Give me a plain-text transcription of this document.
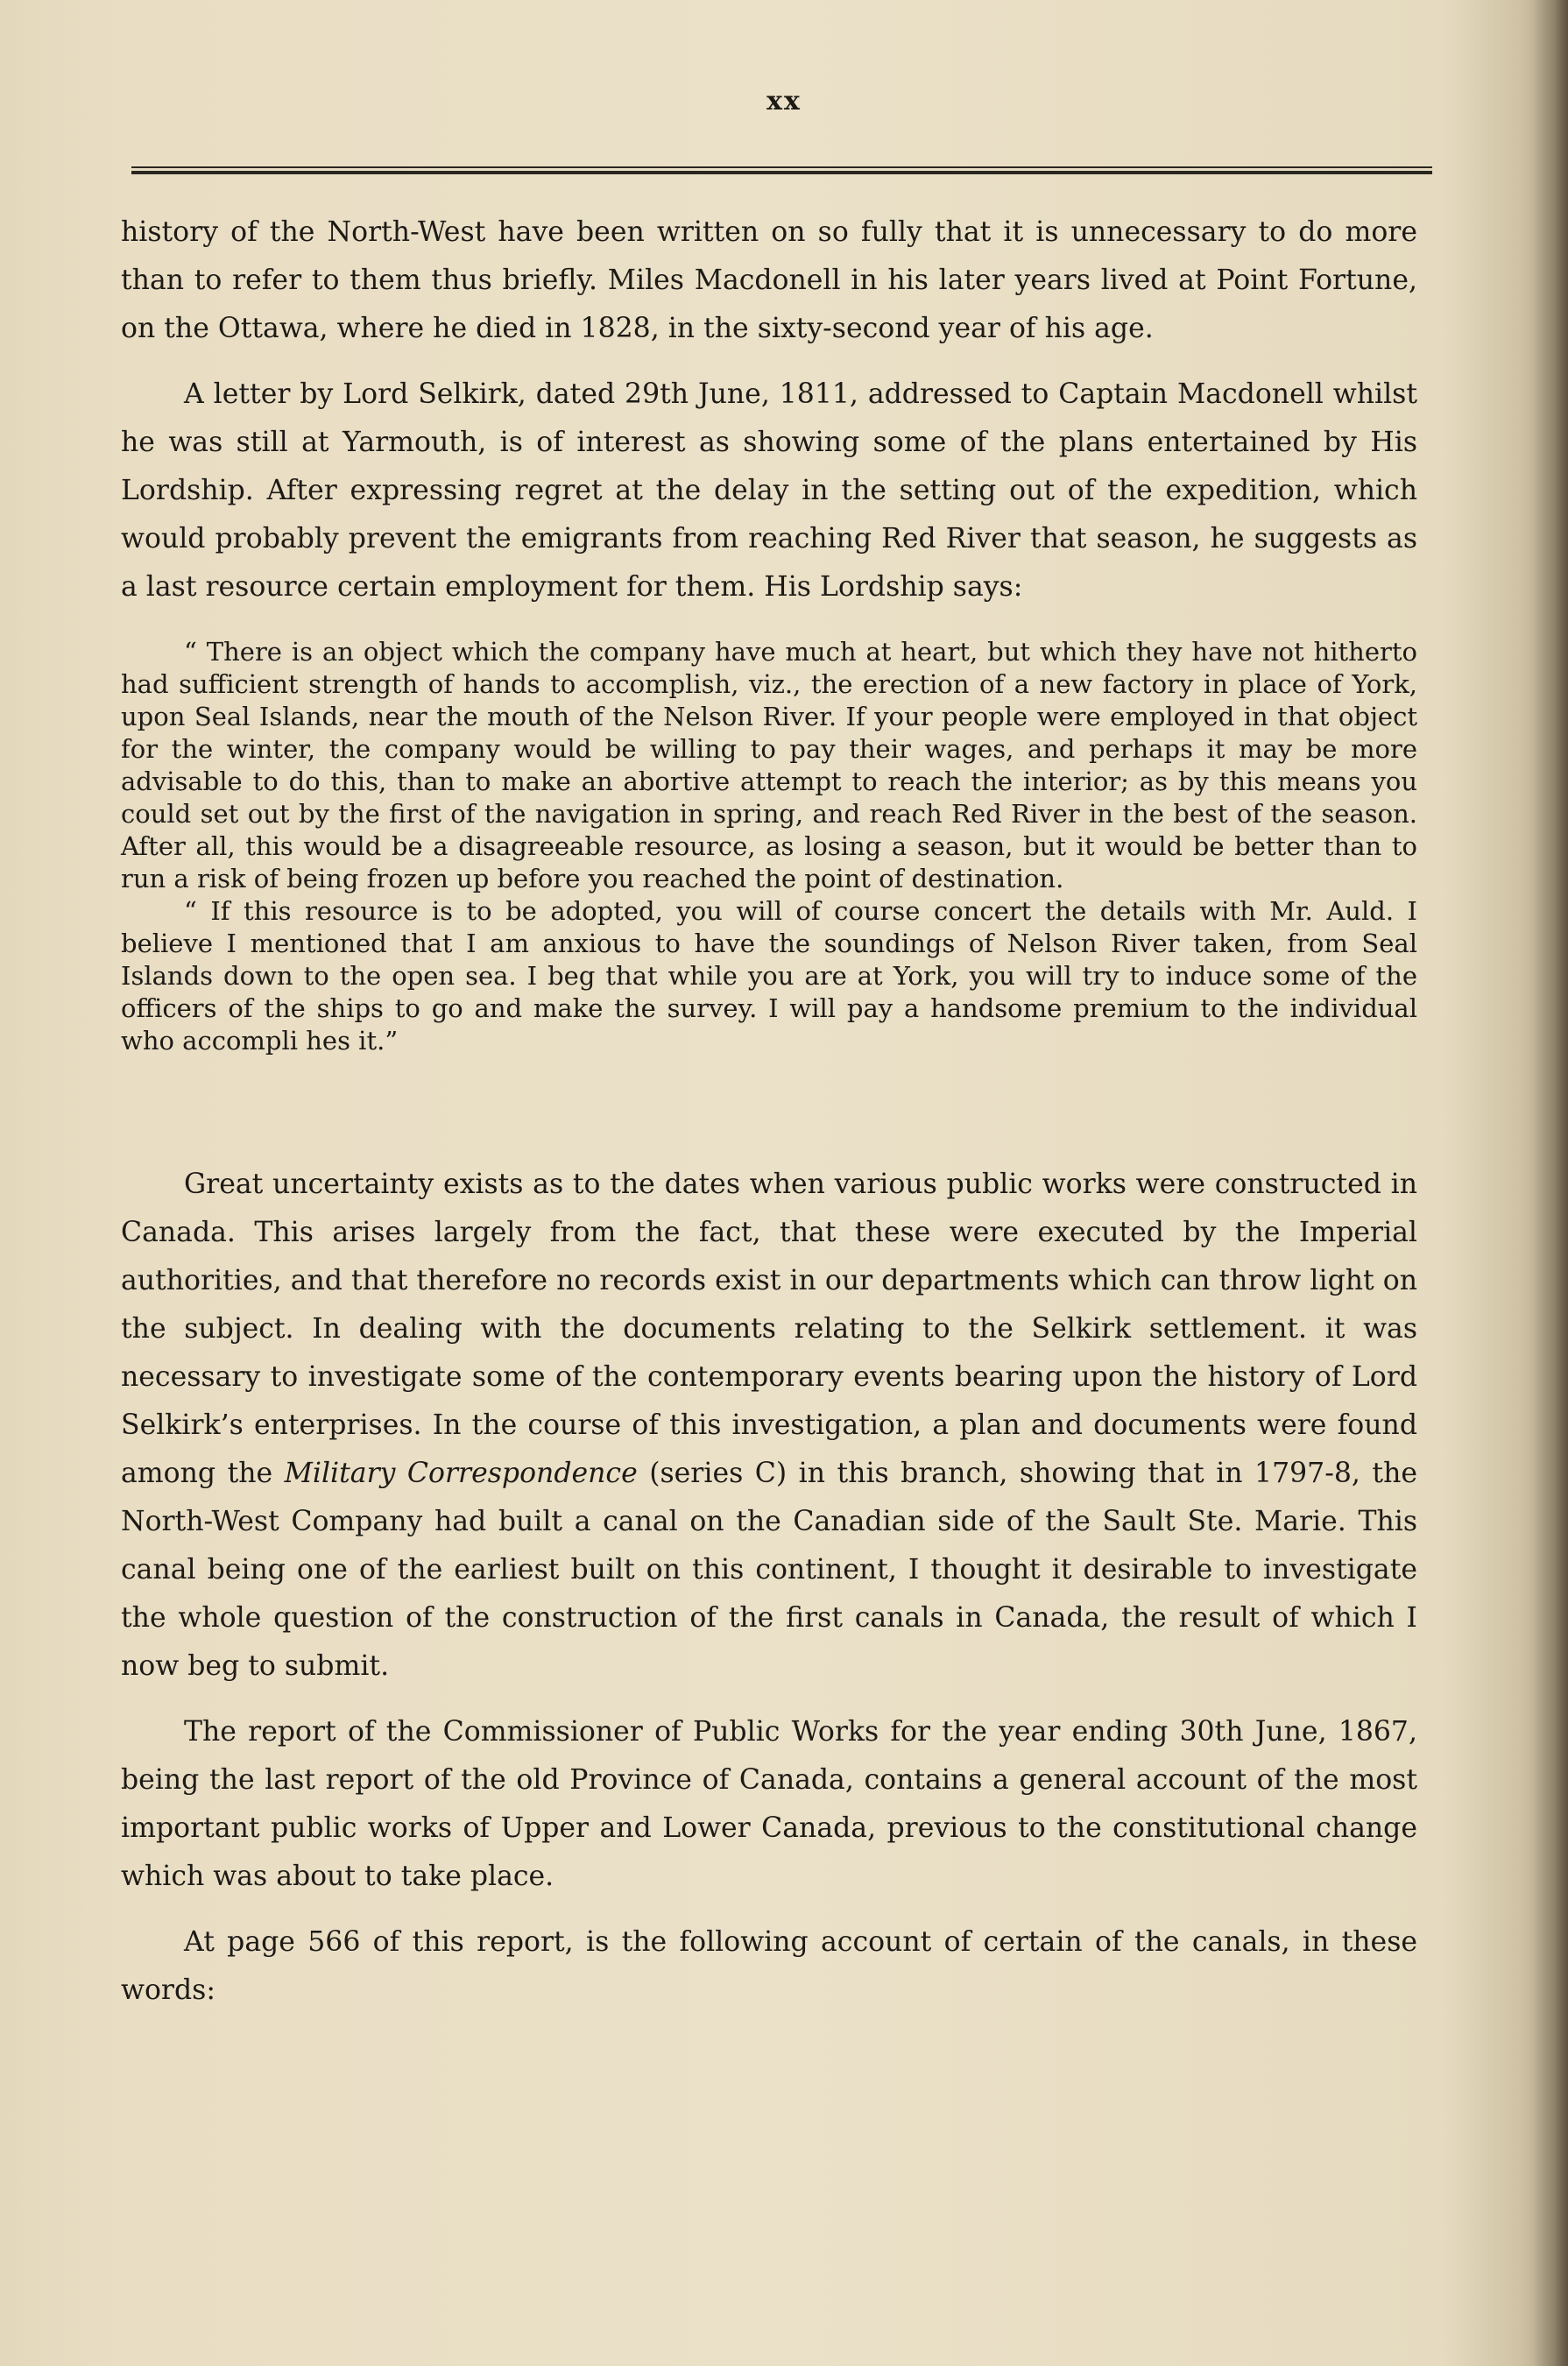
xx

history of the North-West have been written on so fully that it is unnecessary to do more than to refer to them thus briefly. Miles Macdonell in his later years lived at Point Fortune, on the Ottawa, where he died in 1828, in the sixty-second year of his age.

A letter by Lord Selkirk, dated 29th June, 1811, addressed to Captain Macdonell whilst he was still at Yarmouth, is of interest as showing some of the plans entertained by His Lordship. After expressing regret at the delay in the setting out of the expedition, which would probably prevent the emigrants from reaching Red River that season, he suggests as a last resource certain employment for them. His Lordship says:

“ There is an object which the company have much at heart, but which they have not hitherto had sufficient strength of hands to accomplish, viz., the erection of a new factory in place of York, upon Seal Islands, near the mouth of the Nelson River. If your people were employed in that object for the winter, the company would be willing to pay their wages, and perhaps it may be more advisable to do this, than to make an abortive attempt to reach the interior; as by this means you could set out by the first of the navigation in spring, and reach Red River in the best of the season. After all, this would be a disagreeable resource, as losing a season, but it would be better than to run a risk of being frozen up before you reached the point of destination.

“ If this resource is to be adopted, you will of course concert the details with Mr. Auld. I believe I mentioned that I am anxious to have the soundings of Nelson River taken, from Seal Islands down to the open sea. I beg that while you are at York, you will try to induce some of the officers of the ships to go and make the survey. I will pay a handsome premium to the individual who accompli hes it.”

Great uncertainty exists as to the dates when various public works were constructed in Canada. This arises largely from the fact, that these were executed by the Imperial authorities, and that therefore no records exist in our departments which can throw light on the subject. In dealing with the documents relating to the Selkirk settlement. it was necessary to investigate some of the contemporary events bearing upon the history of Lord Selkirk’s enterprises. In the course of this investigation, a plan and documents were found among the Military Correspondence (series C) in this branch, showing that in 1797-8, the North-West Company had built a canal on the Canadian side of the Sault Ste. Marie. This canal being one of the earliest built on this continent, I thought it desirable to investigate the whole question of the construction of the first canals in Canada, the result of which I now beg to submit.

The report of the Commissioner of Public Works for the year ending 30th June, 1867, being the last report of the old Province of Canada, contains a general account of the most important public works of Upper and Lower Canada, previous to the constitutional change which was about to take place.

At page 566 of this report, is the following account of certain of the canals, in these words:
